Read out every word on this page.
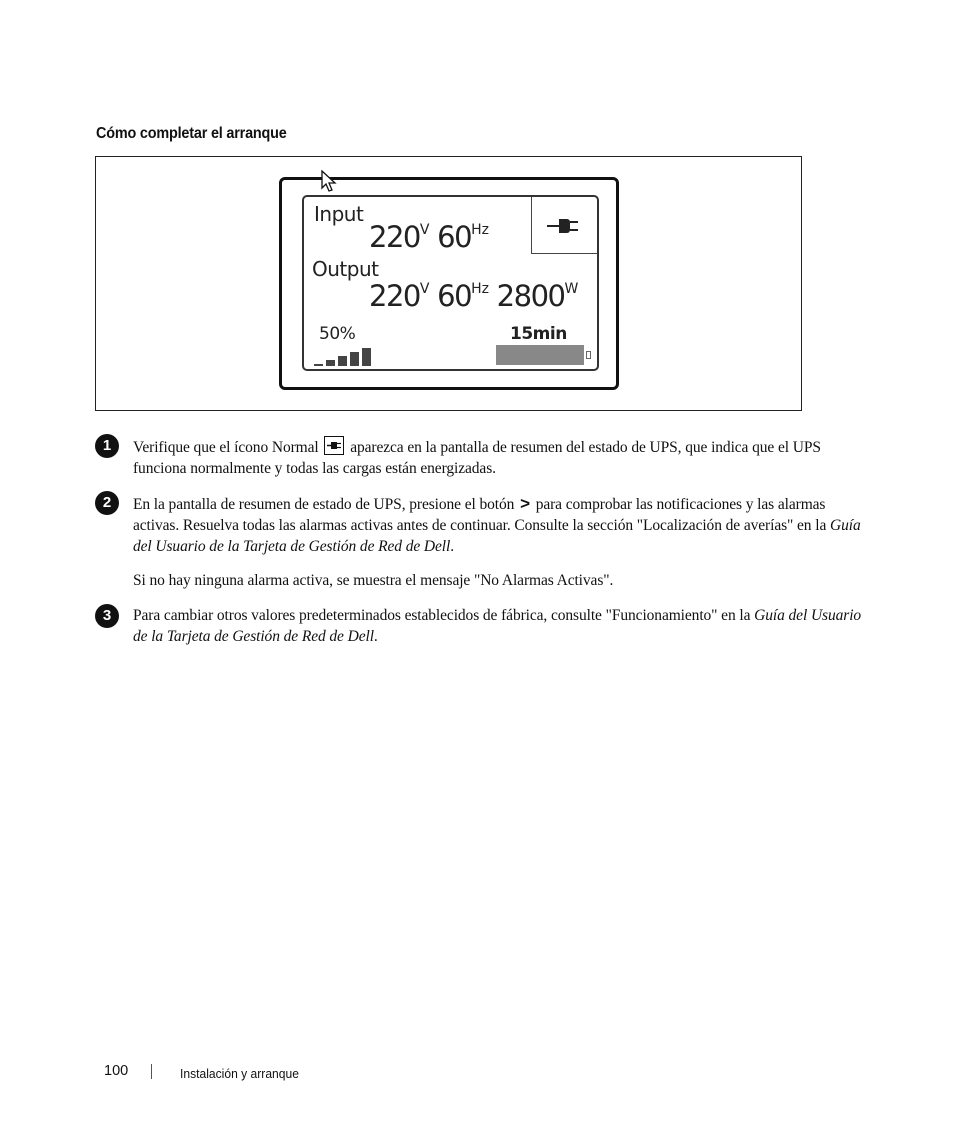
Cómo completar el arranque
Input
$220^V$ $60^{Hz}$
Output
$220^V$ $60^{Hz}$ $2800^W$
50%	15min
1	Verifique que el ícono Normal aparezca en la pantalla de resumen del estado de UPS, que indica que el UPS funciona normalmente y todas las cargas están energizadas.
2	En la pantalla de resumen de estado de UPS, presione el botón > para comprobar las notificaciones y las alarmas activas. Resuelva todas las alarmas activas antes de continuar. Consulte la sección "Localización de averías" en la Guía del Usuario de la Tarjeta de Gestión de Red de Dell.
Si no hay ninguna alarma activa, se muestra el mensaje "No Alarmas Activas".
3	Para cambiar otros valores predeterminados establecidos de fábrica, consulte "Funcionamiento" en la Guía del Usuario de la Tarjeta de Gestión de Red de Dell.
100	Instalación y arranque
